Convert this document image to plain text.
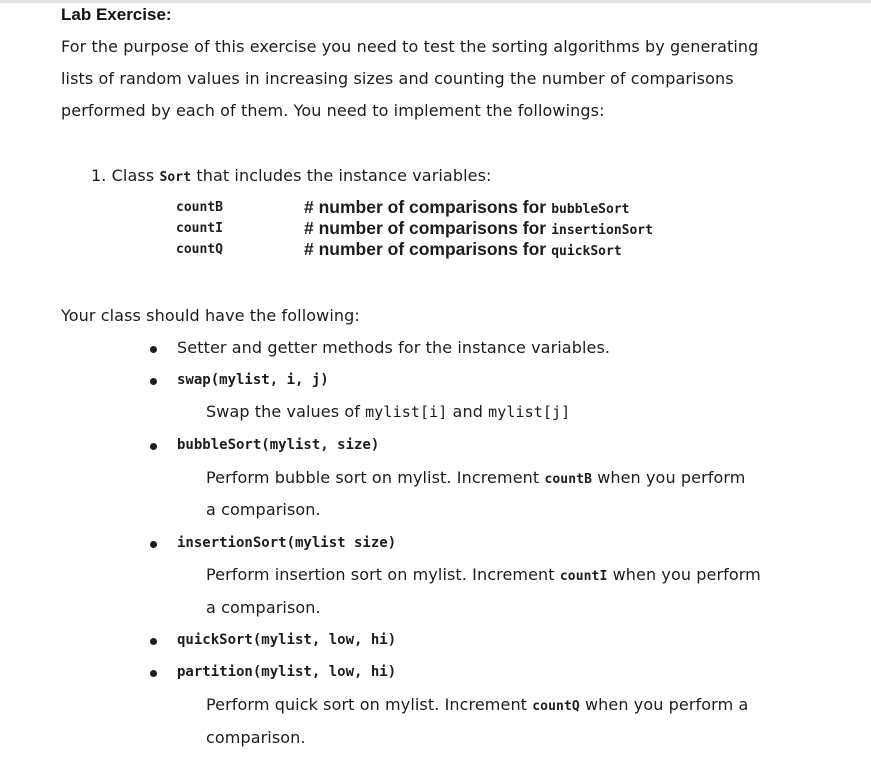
Lab Exercise:
For the purpose of this exercise you need to test the sorting algorithms by generating
lists of random values in increasing sizes and counting the number of comparisons
performed by each of them. You need to implement the followings:
1. Class Sort that includes the instance variables:
countB	# number of comparisons for bubbleSort
countI	# number of comparisons for insertionSort
countQ	# number of comparisons for quickSort
Your class should have the following:
Setter and getter methods for the instance variables.
swap(mylist, i, j)
Swap the values of mylist[i] and mylist[j]
bubbleSort(mylist, size)
Perform bubble sort on mylist. Increment countB when you perform
a comparison.
insertionSort(mylist size)
Perform insertion sort on mylist. Increment countI when you perform
a comparison.
quickSort(mylist, low, hi)
partition(mylist, low, hi)
Perform quick sort on mylist. Increment countQ when you perform a
comparison.
